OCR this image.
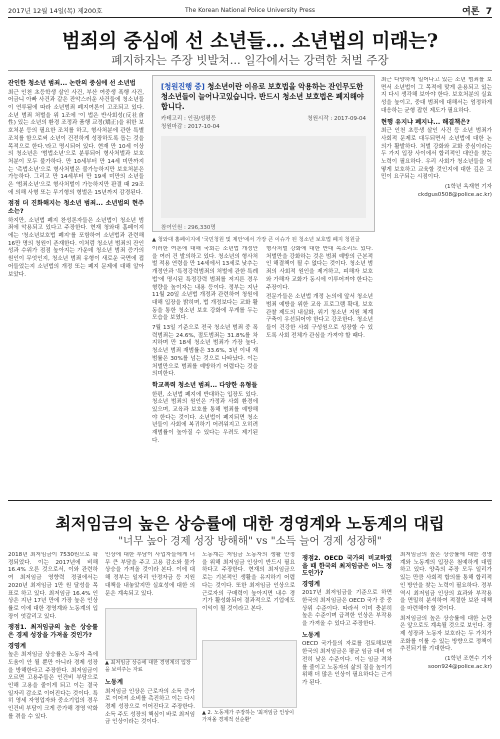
2017년 12월 14일(목) 제200호	The Korean National Police University Press	여론 7
범죄의 중심에 선 소년들... 소년법의 미래는?
폐지하자는 주장 빗발쳐... 일각에서는 강력한 처벌 주장
잔인한 청소년 범죄... 논란의 중심에 선 소년법

최근 인천 초등학생 살인 사건, 부산 여중생 폭행 사건, 어금니 아빠 사건과 같은 잔악스러운 사건들에 청소년들이 연루됨에 따라 소년범죄 폐지여론이 고조되고 있다. 소년 범죄 처벌을 위 1조에 '이 법은 반사회성(反社會性) 있는 소년의 환경 조정과 품행 교정(矯正)을 위한 보호처분 등의 필요한 조치를 하고, 형사처분에 관한 특별조치를 함으로써 소년이 건전하게 성장하도록 돕는 것을 목적으로 한다.'라고 명시되어 있다. 현재 만 10세 이상의 청소년은 '범법소년'으로 분류되어 형사처벌과 보호처분이 모두 불가하다. 만 10세부터 만 14세 미만까지는 '촉법소년'으로 형사처벌은 불가능하지만 보호처분은 가능하다. 그리고 만 14세부터 만 19세 미만의 소년들은 '범죄소년'으로 형사처벌이 가능하지만 판결 때 29조에 의해 사형 또는 무기형의 형벌은 15년까지 감경된다.

점점 더 진화해지는 청소년 범죄... 소년법의 현주소는?

하지만, 소년법 폐지 찬성론자들은 소년법이 청소년 범죄에 악용되고 있다고 주장한다. 현재 청와대 홈페이지에는 '청소년보호법 폐지'를 포함하여 소년법과 관련해 16만 명의 청원이 존재한다. 이처럼 청소년 범죄의 잔인성과 수위가 점점 높아지는 가운데 청소년 범죄 증가의 원인이 무엇인지, 청소년 범죄 유형이 새로운 국면에 접어들었는지 소년법의 개정 또는 폐지 문제에 대해 알아보았다.

[청원진행 중] 청소년이란 이유로 보호법을 악용하는 잔인무도한 청소년들이 늘어나고있습니다. 반드시 청소년 보호법은 폐지해야합니다.
카테고리 : 인권/성평등	청원시작 : 2017-09-04
청원마감 : 2017-10-04
참여인원 : 296,330명
▲ 청와대 홈페이지에 '국민청원 및 제안'에서 가장 큰 이슈가 된 청소년 보호법 폐지 청원글

이러한 여론에 대해 국회는 소년법 개정안을 여러 건 발의하고 있다. 청소년의 형사처벌 적용 연령을 만 14세에서 13세로 낮추는 개정안과 '특정강력범죄의 처벌에 관한 특례법'에 명시된 특정강력 범죄를 저지른 경우 형량을 높이자는 내용 등이다. 정부는 지난 11월 20일 소년법 개정과 관련하여 청원에 대해 입장을 밝히며, 법 개정보다는 교화 활동을 통한 청소년 보호 강화에 무게를 두는 모습을 보였다.

7월 13일 기준으로 전국 청소년 범죄 중 폭력범죄는 24.6%, 절도범죄는 31.8%를 차지하며 만 18세 청소년 범죄가 가장 높다. 청소년 범죄 재범률은 33.6%, 3년 이내 재범률은 30%를 넘는 것으로 나타났다. 이는 처벌만으로 범죄를 예방하기 어렵다는 것을 의미한다.

학교폭력 청소년 범죄... 다양한 유형들

한편, 소년법 폐지에 반대하는 입장도 있다. 청소년 범죄의 원인은 가정과 사회 환경에 있으며, 교육과 보호를 통해 범죄를 예방해야 한다는 것이다. 소년법이 폐지되면 청소년들이 사회에 복귀하기 어려워지고 오히려 재범률이 높아질 수 있다는 우려도 제기된다.

형사처벌 강화에 대한 반대 목소리도 있다. 처벌만을 강화하는 것은 범죄 예방의 근본적인 해결책이 될 수 없다는 것이다. 청소년 범죄의 사회적 원인을 제거하고, 피해자 보호와 가해자 교화가 동시에 이루어져야 한다는 주장이다.

전문가들은 소년법 개정 논의에 앞서 청소년 범죄 예방을 위한 교육 프로그램 확대, 보호관찰 제도의 내실화, 위기 청소년 지원 체계 구축이 우선되어야 한다고 강조한다. 청소년들이 건강한 사회 구성원으로 성장할 수 있도록 사회 전체가 관심을 가져야 할 때다.

최근 다양하게 일어나고 있는 소년 범죄를 보면서 소년법이 그 목적에 맞게 운용되고 있는지 다시 생각해 보아야 한다. 보호처분의 실효성을 높이고, 중대 범죄에 대해서는 엄정하게 대응하는 균형 잡힌 제도가 필요하다.

현행 유지냐 폐지냐... 해결책은?

최근 인천 초등생 살인 사건 등 소년 범죄가 사회적 문제로 대두되면서 소년법에 대한 논의가 활발하다. 처벌 강화와 교화 중심이라는 두 가지 입장 사이에서 합리적인 대안을 찾는 노력이 필요하다. 우리 사회가 청소년들을 어떻게 보호하고 교육할 것인지에 대한 깊은 고민이 요구되는 시점이다.

(1학년 옥재현 기자 ckdgus0508@police.ac.kr)

최저임금의 높은 상승률에 대한 경영계와 노동계의 대립
"너무 높아 경제 성장 방해해" vs "소득 늘어 경제 성장해"

2018년 최저임금이 7530원으로 확정되었다. 이는 2017년에 비해 16.4% 오른 것으로서, 이와 관련하여 최저임금 영향력 정권에서는 2020년 최저임금 1만 원 달성을 목표로 하고 있다. 최저임금 16.4% 인상은 지난 17년 만에 가장 높은 인상률로 이에 대한 경영계와 노동계의 입장이 엇갈리고 있다.

쟁점1. 최저임금의 높은 상승률은 경제 성장을 가져올 것인가?
경영계

높은 최저임금 상승률은 노동자 측에 도움이 안 될 뿐만 아니라 경제 성장을 방해한다고 주장한다. 최저임금이 오르면 고용주들은 인건비 부담으로 인해 고용을 줄이게 되고 이는 결국 일자리 감소로 이어진다는 것이다. 특히 영세 자영업자와 중소기업의 경우 인건비 부담이 크게 증가해 경영 악화를 겪을 수 있다.

인상에 대한 부담이 사업자들에게 너무 큰 부담을 주고 고용 감소와 물가 상승을 가져올 것이라 본다. 이에 대해 정부는 일자리 안정자금 등 지원 대책을 내놓았지만 실효성에 대한 의문은 계속되고 있다.

▲ 최저임금 상승에 대한 경영계의 입장을 보여주는 자료
노동계

최저임금 인상은 근로자의 소득 증가로 이어져 소비를 촉진하고 이는 다시 경제 성장으로 이어진다고 주장한다. 소득 주도 성장의 핵심이 바로 최저임금 인상이라는 것이다.

노동계는 저임금 노동자의 생활 안정을 위해 최저임금 인상이 반드시 필요하다고 주장한다. 현재의 최저임금으로는 기본적인 생활을 유지하기 어렵다는 것이다. 또한 최저임금 인상으로 근로자의 구매력이 높아지면 내수 경기가 활성화되어 결과적으로 기업에도 이익이 될 것이라고 본다.

▲ 2. 노동계가 주장하는 '최저임금 인상이 가져올 경제적 선순환'
쟁점2. OECD 국가의 비교하였을 때 한국의 최저임금은 어느 정도인가?
경영계

2017년 최저임금을 기준으로 하면 한국의 최저임금은 OECD 국가 중 중상위 수준이다. 따라서 이미 충분히 높은 수준이며 급격한 인상은 부작용을 가져올 수 있다고 주장한다.

노동계

OECD 국가들의 자료를 검토해보면 한국의 최저임금은 평균 임금 대비 여전히 낮은 수준이다. 이는 임금 격차를 줄이고 노동자의 삶의 질을 높이기 위해 더 많은 인상이 필요하다는 근거가 된다.

최저임금의 높은 상승률에 대한 경영계와 노동계의 입장은 첨예하게 대립하고 있다. 양측의 주장 모두 일리가 있는 만큼 사회적 합의를 통해 합리적인 방안을 찾는 노력이 필요하다. 정부 역시 최저임금 인상의 효과와 부작용을 면밀히 분석하여 적절한 보완 대책을 마련해야 할 것이다.

최저임금의 높은 상승률에 대한 논란은 앞으로도 계속될 것으로 보인다. 경제 성장과 노동자 보호라는 두 가치가 조화를 이룰 수 있는 방향으로 정책이 추진되기를 기대한다.

(1학년 조현수 기자 soon924@police.ac.kr)
